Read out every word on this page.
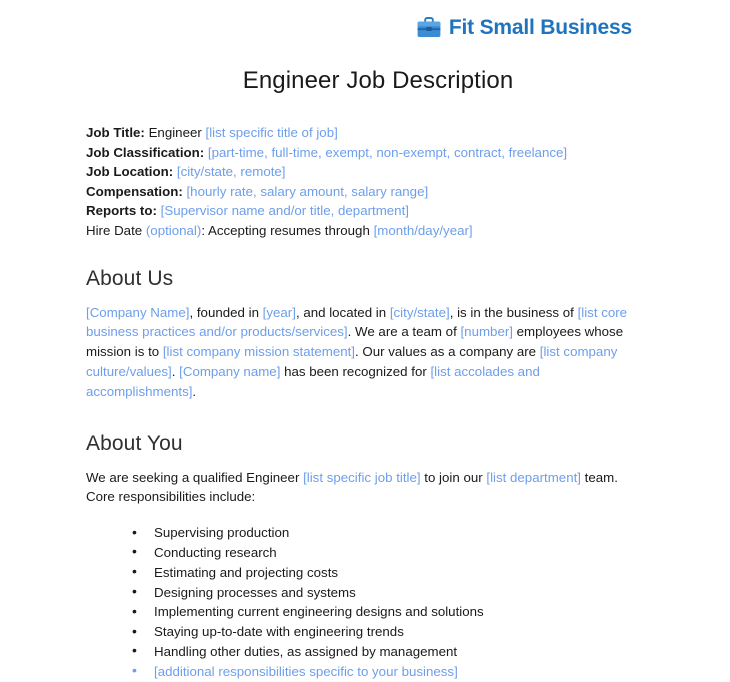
Fit Small Business
Engineer Job Description
Job Title: Engineer [list specific title of job]
Job Classification: [part-time, full-time, exempt, non-exempt, contract, freelance]
Job Location: [city/state, remote]
Compensation: [hourly rate, salary amount, salary range]
Reports to: [Supervisor name and/or title, department]
Hire Date (optional): Accepting resumes through [month/day/year]
About Us

[Company Name], founded in [year], and located in [city/state], is in the business of [list core business practices and/or products/services]. We are a team of [number] employees whose mission is to [list company mission statement]. Our values as a company are [list company culture/values]. [Company name] has been recognized for [list accolades and accomplishments].

About You

We are seeking a qualified Engineer [list specific job title] to join our [list department] team. Core responsibilities include:

• Supervising production
• Conducting research
• Estimating and projecting costs
• Designing processes and systems
• Implementing current engineering designs and solutions
• Staying up-to-date with engineering trends
• Handling other duties, as assigned by management
• [additional responsibilities specific to your business]
